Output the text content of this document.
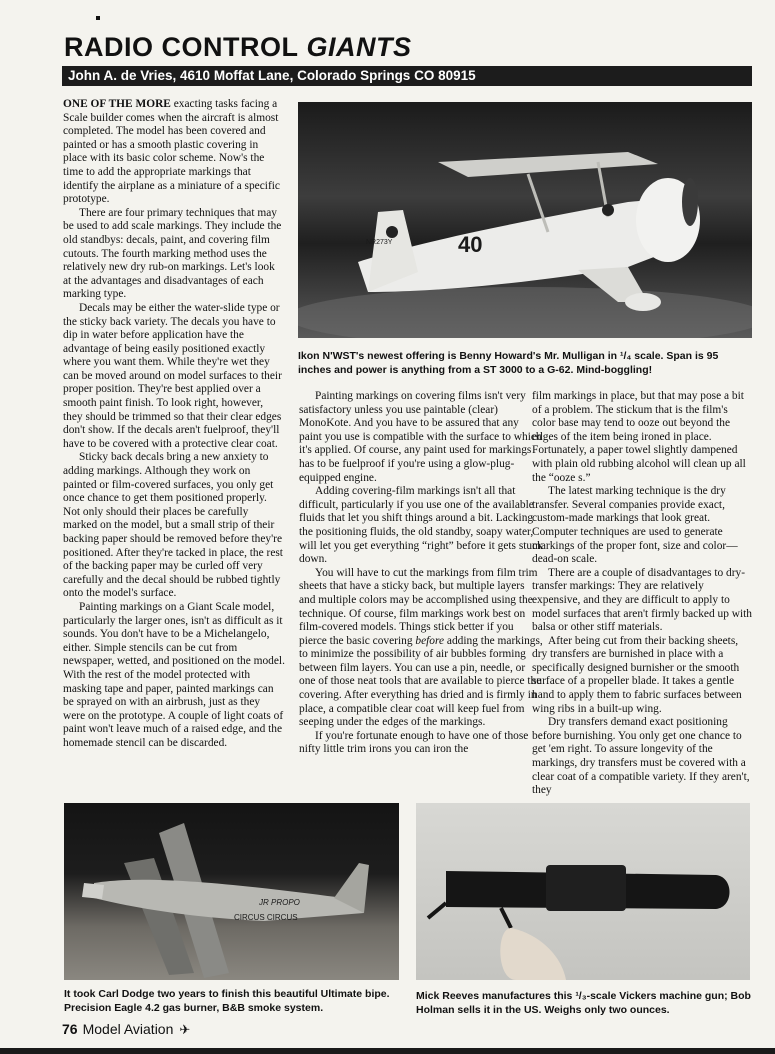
RADIO CONTROL GIANTS
John A. de Vries, 4610 Moffat Lane, Colorado Springs CO 80915

ONE OF THE MORE exacting tasks facing a Scale builder comes when the aircraft is almost completed. The model has been covered and painted or has a smooth plastic covering in place with its basic color scheme. Now's the time to add the appropriate markings that identify the airplane as a miniature of a specific prototype.

There are four primary techniques that may be used to add scale markings. They include the old standbys: decals, paint, and covering film cutouts. The fourth marking method uses the relatively new dry rub-on markings. Let's look at the advantages and disadvantages of each marking type.

Decals may be either the water-slide type or the sticky back variety. The decals you have to dip in water before application have the advantage of being easily positioned exactly where you want them. While they're wet they can be moved around on model surfaces to their proper position. They're best applied over a smooth paint finish. To look right, however, they should be trimmed so that their clear edges don't show. If the decals aren't fuelproof, they'll have to be covered with a protective clear coat.

Sticky back decals bring a new anxiety to adding markings. Although they work on painted or film-covered surfaces, you only get once chance to get them positioned properly. Not only should their places be carefully marked on the model, but a small strip of their backing paper should be removed before they're positioned. After they're tacked in place, the rest of the backing paper may be curled off very carefully and the decal should be rubbed tightly onto the model's surface.

Painting markings on a Giant Scale model, particularly the larger ones, isn't as difficult as it sounds. You don't have to be a Michelangelo, either. Simple stencils can be cut from newspaper, wetted, and positioned on the model. With the rest of the model protected with masking tape and paper, painted markings can be sprayed on with an airbrush, just as they were on the prototype. A couple of light coats of paint won't leave much of a raised edge, and the homemade stencil can be discarded.

40
NR273Y
Ikon N'WST's newest offering is Benny Howard's Mr. Mulligan in ¹/₄ scale. Span is 95 inches and power is anything from a ST 3000 to a G-62. Mind-boggling!

Painting markings on covering films isn't very satisfactory unless you use paintable (clear) MonoKote. And you have to be assured that any paint you use is compatible with the surface to which it's applied. Of course, any paint used for markings has to be fuelproof if you're using a glow-plug-equipped engine.

Adding covering-film markings isn't all that difficult, particularly if you use one of the available fluids that let you shift things around a bit. Lacking the positioning fluids, the old standby, soapy water, will let you get everything “right” before it gets stuck down.

You will have to cut the markings from film trim sheets that have a sticky back, but multiple layers and multiple colors may be accomplished using the technique. Of course, film markings work best on film-covered models. Things stick better if you pierce the basic covering before adding the markings, to minimize the possibility of air bubbles forming between film layers. You can use a pin, needle, or one of those neat tools that are available to pierce the covering. After everything has dried and is firmly in place, a compatible clear coat will keep fuel from seeping under the edges of the markings.

If you're fortunate enough to have one of those nifty little trim irons you can iron the

film markings in place, but that may pose a bit of a problem. The stickum that is the film's color base may tend to ooze out beyond the edges of the item being ironed in place. Fortunately, a paper towel slightly dampened with plain old rubbing alcohol will clean up all the “ooze s.”

The latest marking technique is the dry transfer. Several companies provide exact, custom-made markings that look great. Computer techniques are used to generate markings of the proper font, size and color—dead-on scale.

There are a couple of disadvantages to dry-transfer markings: They are relatively expensive, and they are difficult to apply to model surfaces that aren't firmly backed up with balsa or other stiff materials.

After being cut from their backing sheets, dry transfers are burnished in place with a specifically designed burnisher or the smooth surface of a propeller blade. It takes a gentle hand to apply them to fabric surfaces between wing ribs in a built-up wing.

Dry transfers demand exact positioning before burnishing. You only get one chance to get 'em right. To assure longevity of the markings, dry transfers must be covered with a clear coat of a compatible variety. If they aren't, they

JR PROPO
CIRCUS CIRCUS
It took Carl Dodge two years to finish this beautiful Ultimate bipe. Precision Eagle 4.2 gas burner, B&B smoke system.
Mick Reeves manufactures this ¹/₃-scale Vickers machine gun; Bob Holman sells it in the US. Weighs only two ounces.
76 Model Aviation ✈
